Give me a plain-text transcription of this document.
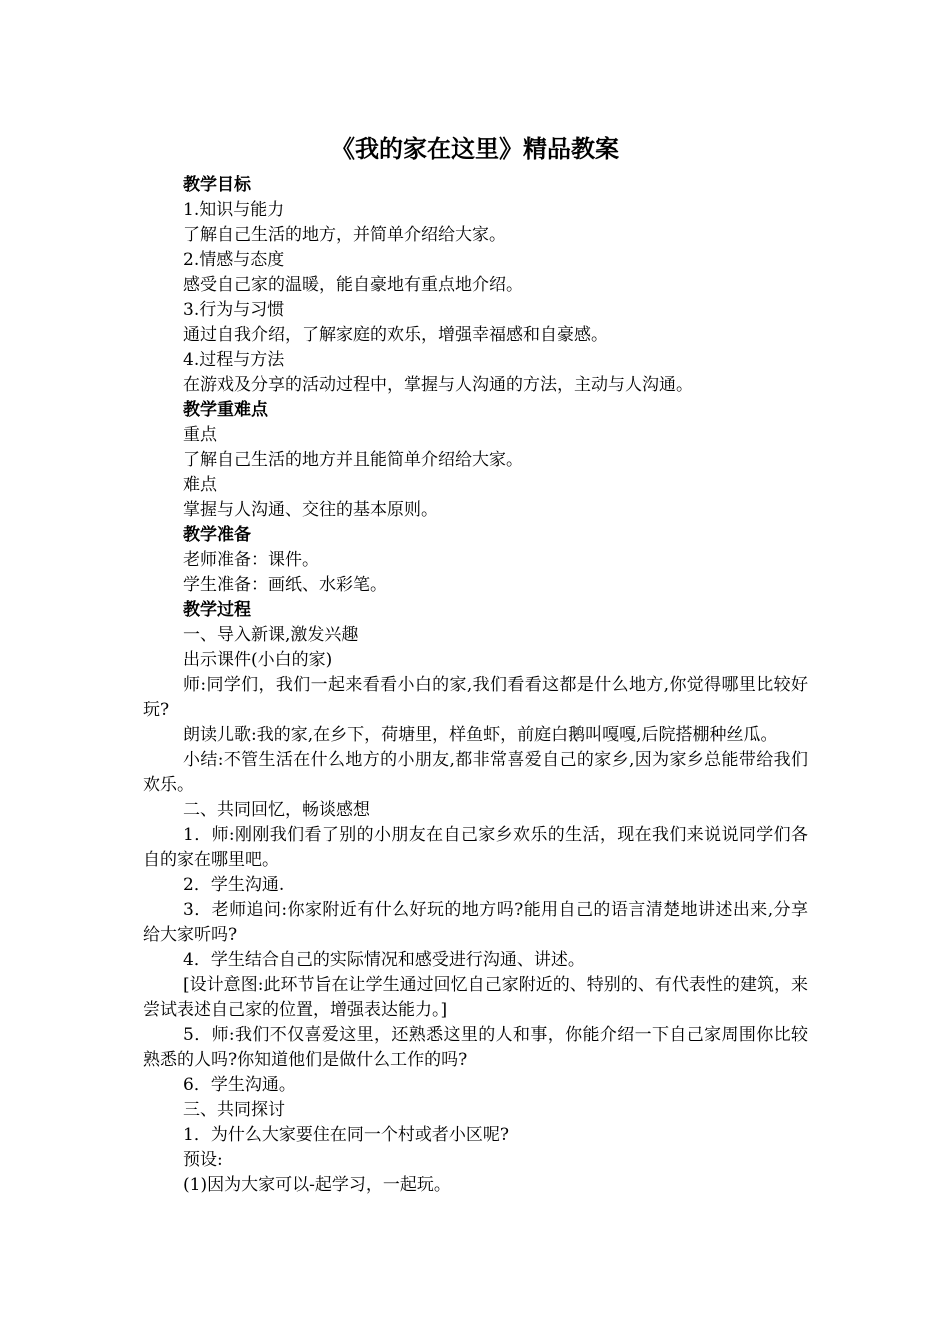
《我的家在这里》精品教案
教学目标
1.知识与能力
了解自己生活的地方，并简单介绍给大家。
2.情感与态度
感受自己家的温暖，能自豪地有重点地介绍。
3.行为与习惯
通过自我介绍，了解家庭的欢乐，增强幸福感和自豪感。
4.过程与方法
在游戏及分享的活动过程中，掌握与人沟通的方法，主动与人沟通。
教学重难点
重点
了解自己生活的地方并且能简单介绍给大家。
难点
掌握与人沟通、交往的基本原则。
教学准备
老师准备：课件。
学生准备：画纸、水彩笔。
教学过程
一、导入新课,激发兴趣
出示课件(小白的家)

师:同学们，我们一起来看看小白的家,我们看看这都是什么地方,你觉得哪里比较好玩?

朗读儿歌:我的家,在乡下，荷塘里，样鱼虾，前庭白鹅叫嘎嘎,后院搭棚种丝瓜。

小结:不管生活在什么地方的小朋友,都非常喜爱自己的家乡,因为家乡总能带给我们欢乐。

二、共同回忆，畅谈感想

1．师:刚刚我们看了别的小朋友在自己家乡欢乐的生活，现在我们来说说同学们各自的家在哪里吧。

2．学生沟通.

3．老师追问:你家附近有什么好玩的地方吗?能用自己的语言清楚地讲述出来,分享给大家听吗?

4．学生结合自己的实际情况和感受进行沟通、讲述。

[设计意图:此环节旨在让学生通过回忆自己家附近的、特别的、有代表性的建筑，来尝试表述自己家的位置，增强表达能力。]

5．师:我们不仅喜爱这里，还熟悉这里的人和事，你能介绍一下自己家周围你比较熟悉的人吗?你知道他们是做什么工作的吗?

6．学生沟通。
三、共同探讨
1．为什么大家要住在同一个村或者小区呢?
预设:
(1)因为大家可以-起学习，一起玩。
